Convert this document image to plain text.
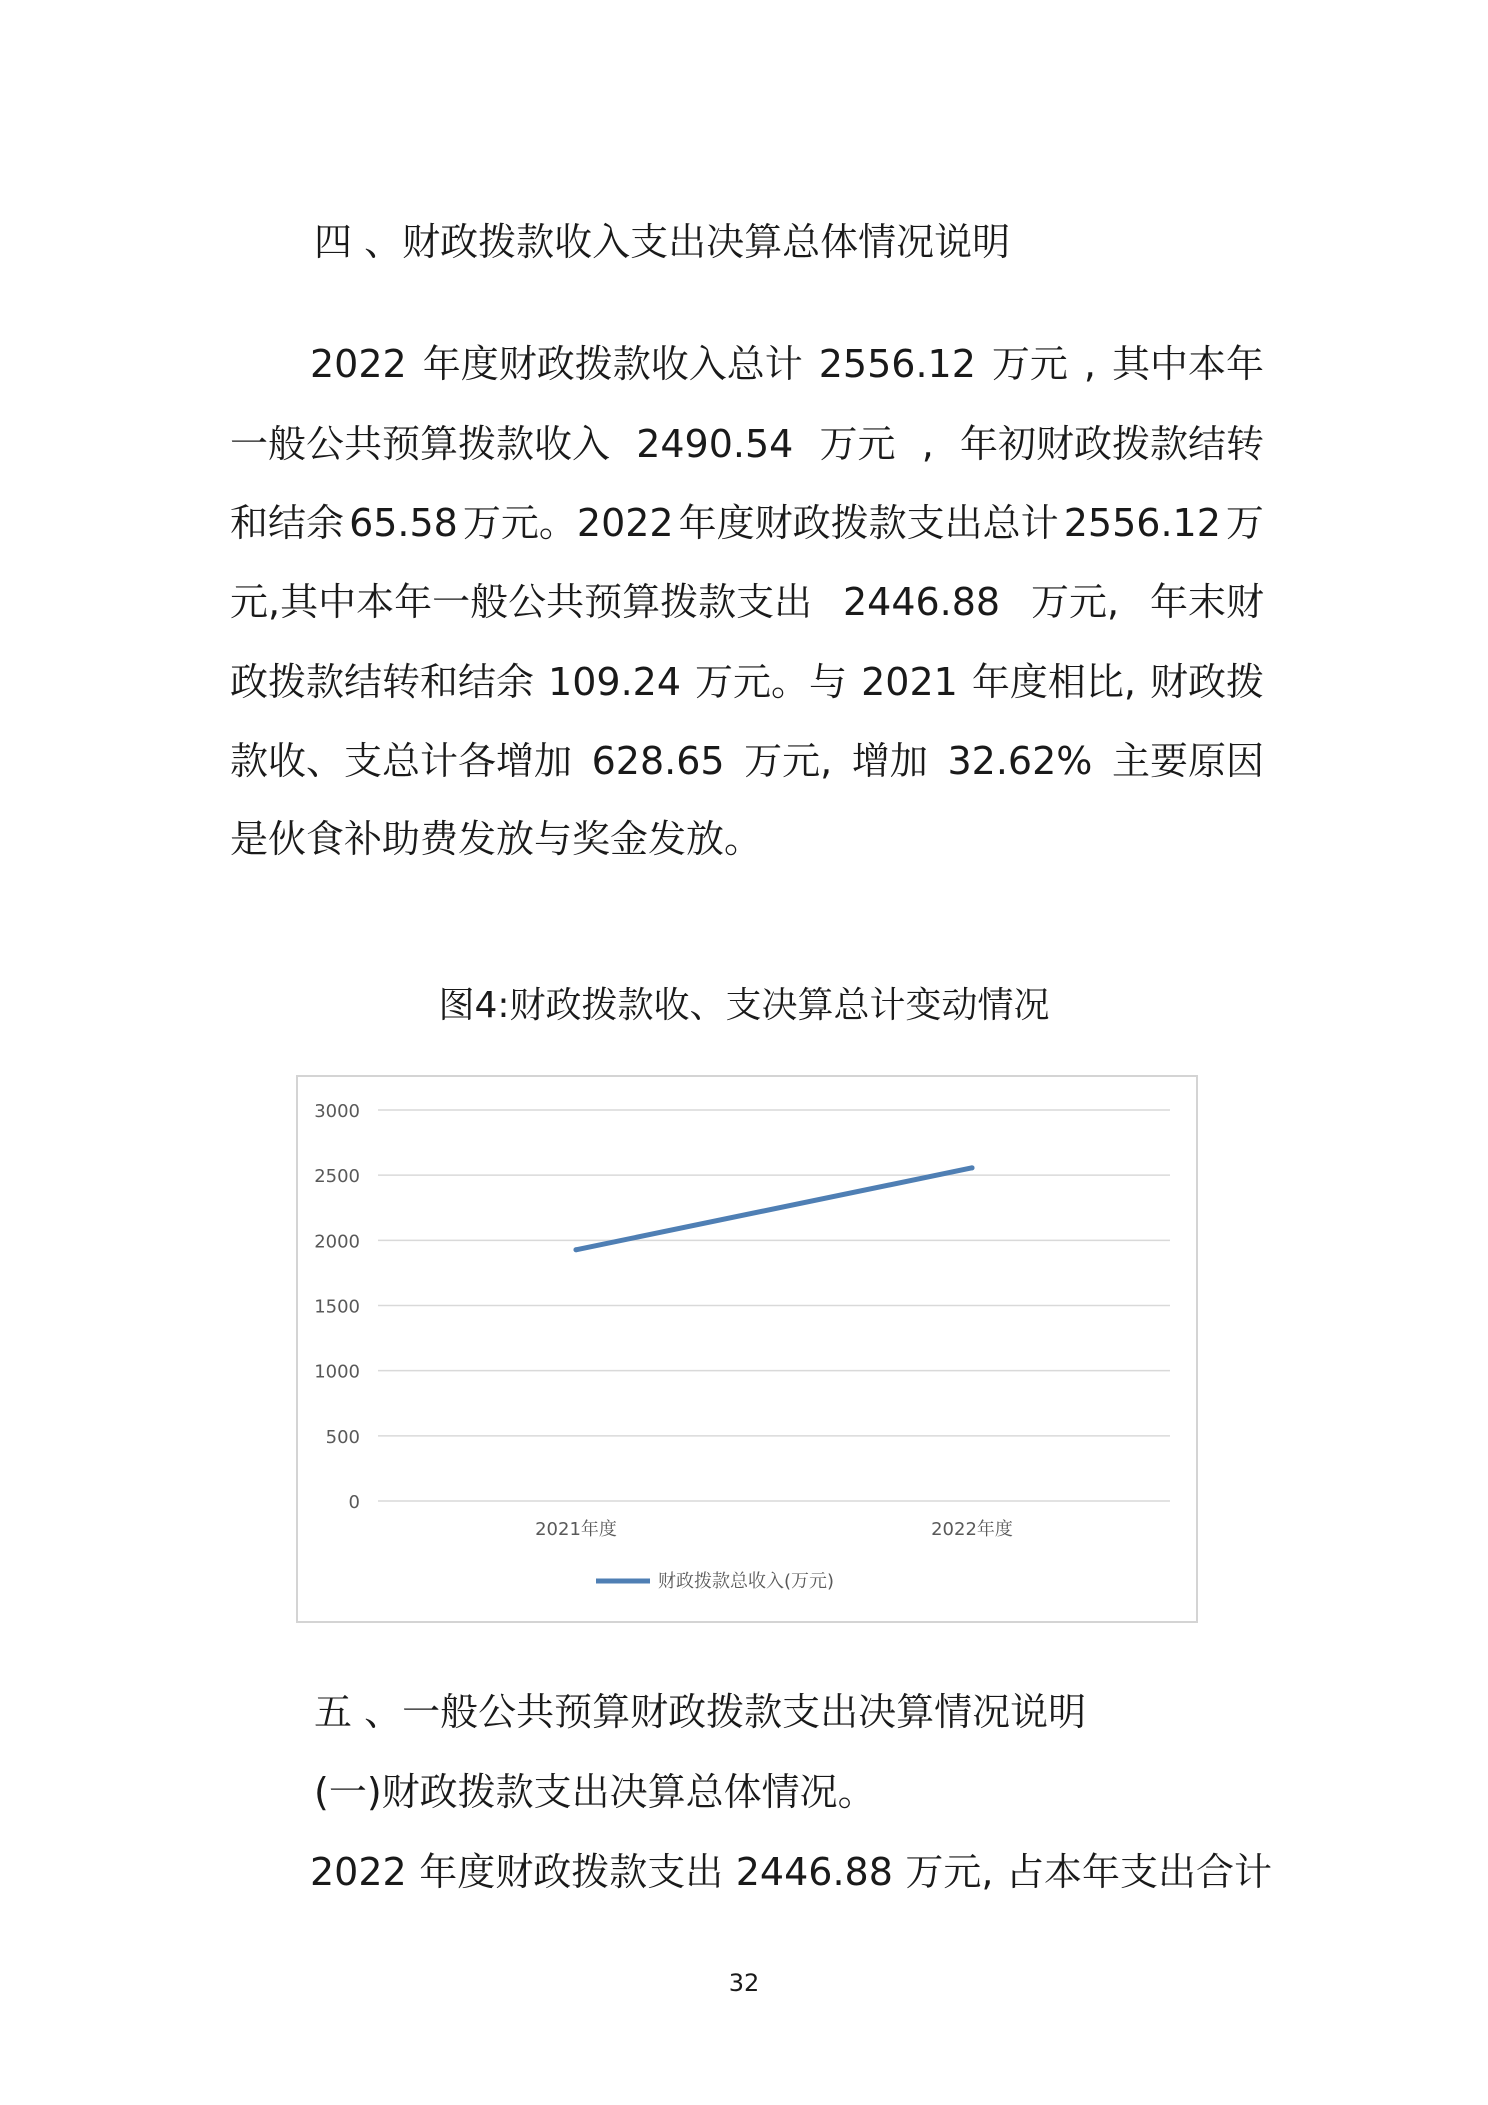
四 、财政拨款收入支出决算总体情况说明
2022 年度财政拨款收入总计 2556.12 万元 , 其中本年
一般公共预算拨款收入 2490.54 万元 , 年初财政拨款结转
和结余 65.58 万元。2022 年度财政拨款支出总计 2556.12 万
元,其中本年一般公共预算拨款支出 2446.88 万元, 年末财
政拨款结转和结余 109.24 万元。与 2021 年度相比, 财政拨
款收、支总计各增加 628.65 万元, 增加 32.62% 主要原因
是伙食补助费发放与奖金发放。
图4:财政拨款收、支决算总计变动情况
0
500
1000
1500
2000
2500
3000
2021年度	2022年度
财政拨款总收入(万元)
五 、一般公共预算财政拨款支出决算情况说明
(一)财政拨款支出决算总体情况。
2022 年度财政拨款支出 2446.88 万元, 占本年支出合计
32
